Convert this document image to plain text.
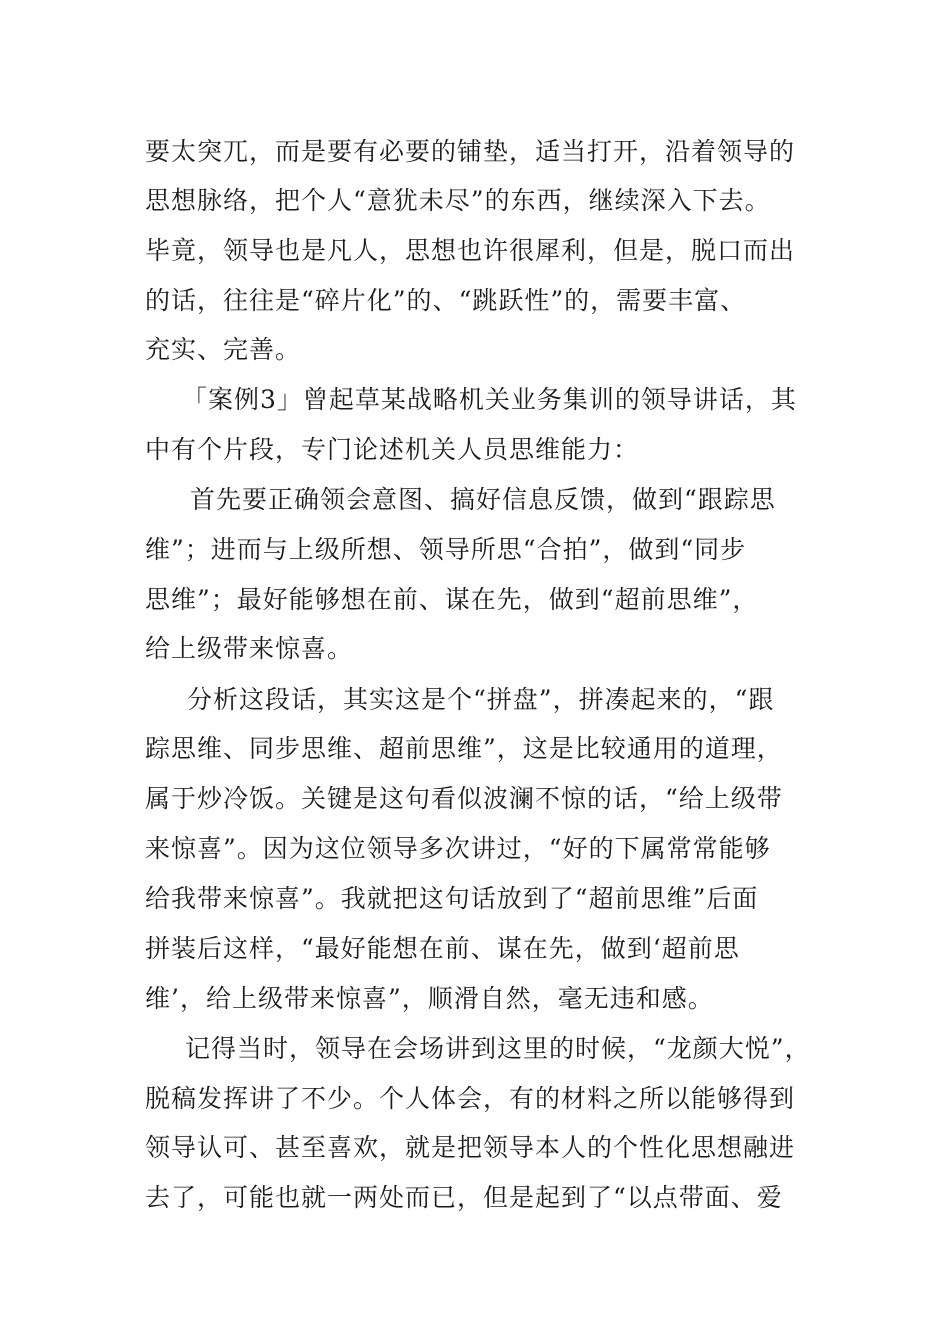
要太突兀，而是要有必要的铺垫，适当打开，沿着领导的
思想脉络，把个人“意犹未尽”的东西，继续深入下去。
毕竟，领导也是凡人，思想也许很犀利，但是，脱口而出
的话，往往是“碎片化”的、“跳跃性”的，需要丰富、
充实、完善。
「案例3」曾起草某战略机关业务集训的领导讲话，其
中有个片段，专门论述机关人员思维能力：
首先要正确领会意图、搞好信息反馈，做到“跟踪思
维”；进而与上级所想、领导所思“合拍”，做到“同步
思维”；最好能够想在前、谋在先，做到“超前思维”，
给上级带来惊喜。
分析这段话，其实这是个“拼盘”，拼凑起来的，“跟
踪思维、同步思维、超前思维”，这是比较通用的道理，
属于炒冷饭。关键是这句看似波澜不惊的话，“给上级带
来惊喜”。因为这位领导多次讲过，“好的下属常常能够
给我带来惊喜”。我就把这句话放到了“超前思维”后面
拼装后这样，“最好能想在前、谋在先，做到‘超前思
维’，给上级带来惊喜”，顺滑自然，毫无违和感。
记得当时，领导在会场讲到这里的时候，“龙颜大悦”，
脱稿发挥讲了不少。个人体会，有的材料之所以能够得到
领导认可、甚至喜欢，就是把领导本人的个性化思想融进
去了，可能也就一两处而已，但是起到了“以点带面、爱
